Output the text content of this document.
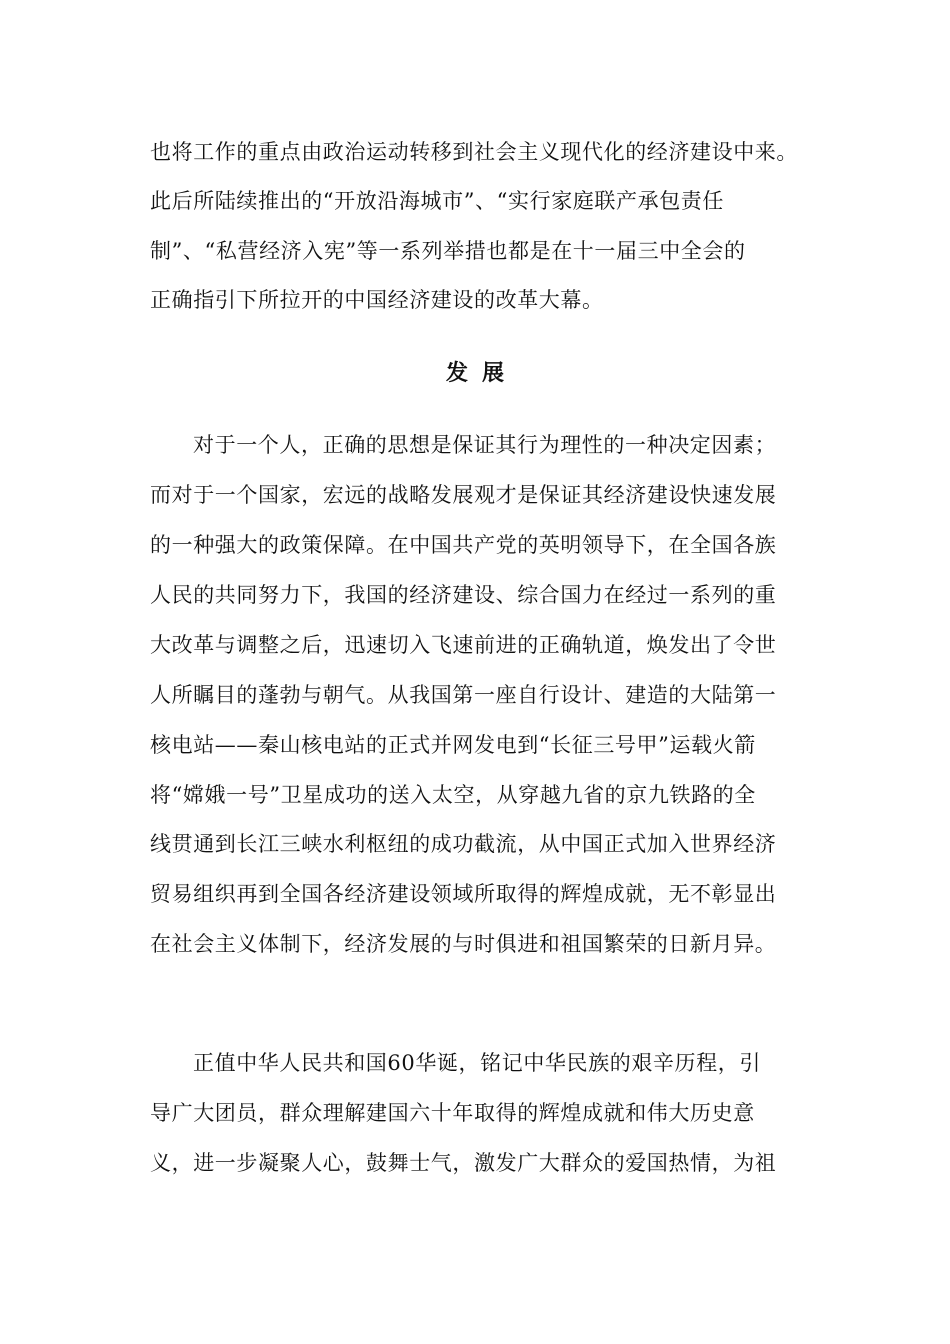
也将工作的重点由政治运动转移到社会主义现代化的经济建设中来。
此后所陆续推出的“开放沿海城市”、“实行家庭联产承包责任
制”、“私营经济入宪”等一系列举措也都是在十一届三中全会的
正确指引下所拉开的中国经济建设的改革大幕。
发展
对于一个人，正确的思想是保证其行为理性的一种决定因素；
而对于一个国家，宏远的战略发展观才是保证其经济建设快速发展
的一种强大的政策保障。在中国共产党的英明领导下，在全国各族
人民的共同努力下，我国的经济建设、综合国力在经过一系列的重
大改革与调整之后，迅速切入飞速前进的正确轨道，焕发出了令世
人所瞩目的蓬勃与朝气。从我国第一座自行设计、建造的大陆第一
核电站——秦山核电站的正式并网发电到“长征三号甲”运载火箭
将“嫦娥一号”卫星成功的送入太空，从穿越九省的京九铁路的全
线贯通到长江三峡水利枢纽的成功截流，从中国正式加入世界经济
贸易组织再到全国各经济建设领域所取得的辉煌成就，无不彰显出
在社会主义体制下，经济发展的与时俱进和祖国繁荣的日新月异。
正值中华人民共和国60华诞，铭记中华民族的艰辛历程，引
导广大团员，群众理解建国六十年取得的辉煌成就和伟大历史意
义，进一步凝聚人心，鼓舞士气，激发广大群众的爱国热情，为祖
